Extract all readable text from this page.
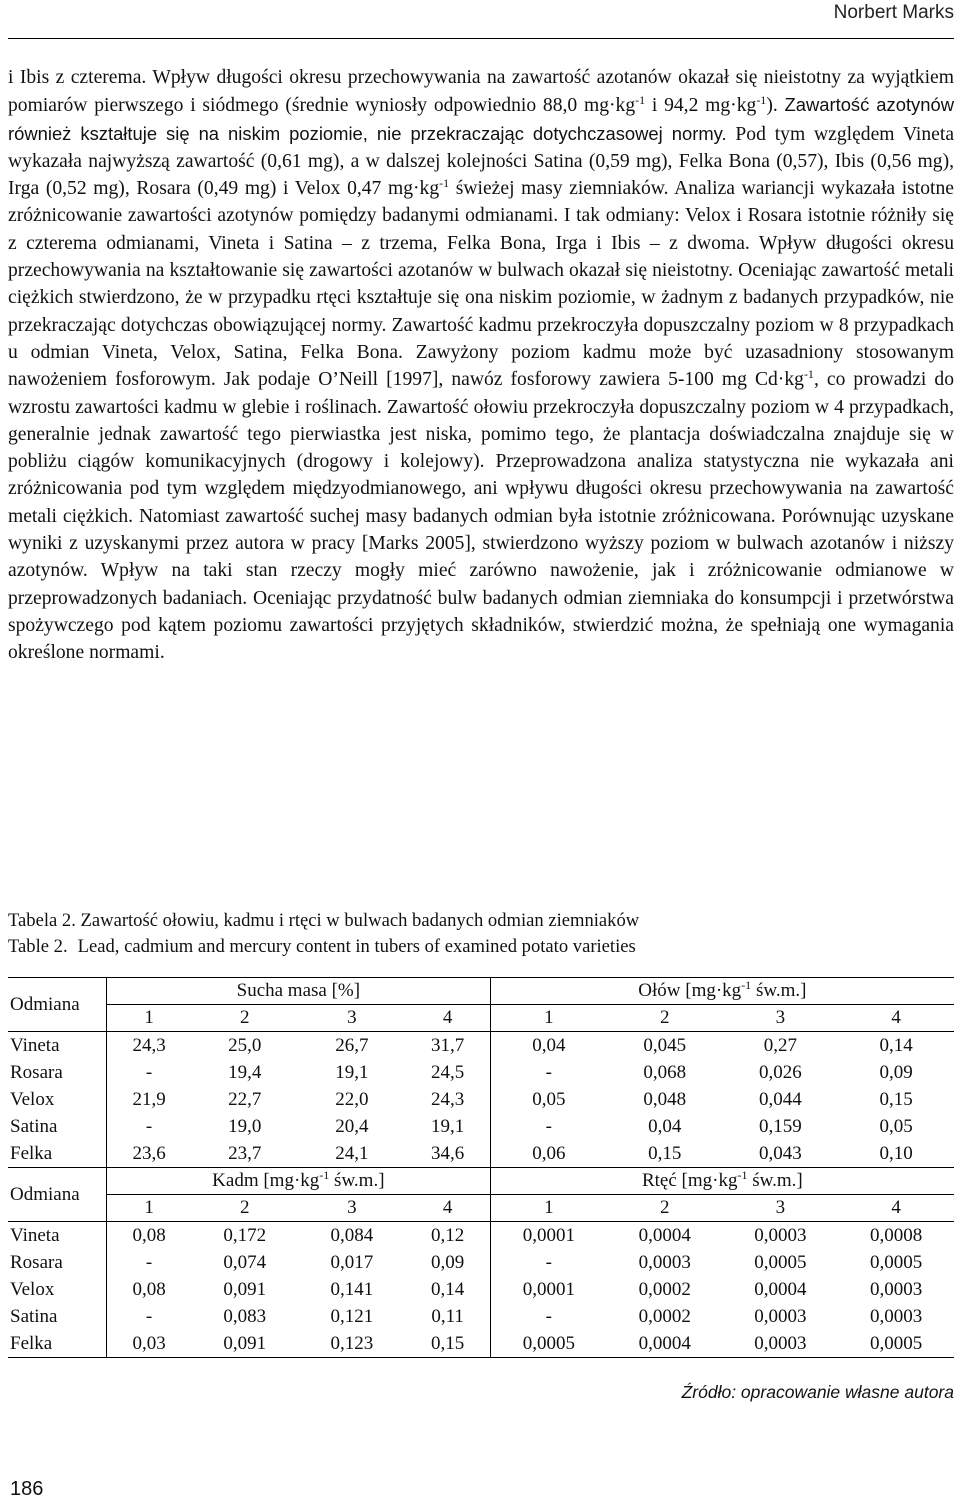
Norbert Marks

i Ibis z czterema. Wpływ długości okresu przechowywania na zawartość azotanów okazał się nieistotny za wyjątkiem pomiarów pierwszego i siódmego (średnie wyniosły odpowiednio 88,0 $mg\cdot kg^{-1}$ i 94,2 $mg\cdot kg^{-1}$). Zawartość azotynów również kształtuje się na niskim poziomie, nie przekraczając dotychczasowej normy. Pod tym względem Vineta wykazała najwyższą zawartość (0,61 mg), a w dalszej kolejności Satina (0,59 mg), Felka Bona (0,57), Ibis (0,56 mg), Irga (0,52 mg), Rosara (0,49 mg) i Velox 0,47 $mg\cdot kg^{-1}$ świeżej masy ziemniaków. Analiza wariancji wykazała istotne zróżnicowanie zawartości azotynów pomiędzy badanymi odmianami. I tak odmiany: Velox i Rosara istotnie różniły się z czterema odmianami, Vineta i Satina – z trzema, Felka Bona, Irga i Ibis – z dwoma. Wpływ długości okresu przechowywania na kształtowanie się zawartości azotanów w bulwach okazał się nieistotny. Oceniając zawartość metali ciężkich stwierdzono, że w przypadku rtęci kształtuje się ona niskim poziomie, w żadnym z badanych przypadków, nie przekraczając dotychczas obowiązującej normy. Zawartość kadmu przekroczyła dopuszczalny poziom w 8 przypadkach u odmian Vineta, Velox, Satina, Felka Bona. Zawyżony poziom kadmu może być uzasadniony stosowanym nawożeniem fosforowym. Jak podaje O’Neill [1997], nawóz fosforowy zawiera 5-100 mg $Cd\cdot kg^{-1}$, co prowadzi do wzrostu zawartości kadmu w glebie i roślinach. Zawartość ołowiu przekroczyła dopuszczalny poziom w 4 przypadkach, generalnie jednak zawartość tego pierwiastka jest niska, pomimo tego, że plantacja doświadczalna znajduje się w pobliżu ciągów komunikacyjnych (drogowy i kolejowy). Przeprowadzona analiza statystyczna nie wykazała ani zróżnicowania pod tym względem międzyodmianowego, ani wpływu długości okresu przechowywania na zawartość metali ciężkich. Natomiast zawartość suchej masy badanych odmian była istotnie zróżnicowana. Porównując uzyskane wyniki z uzyskanymi przez autora w pracy [Marks 2005], stwierdzono wyższy poziom w bulwach azotanów i niższy azotynów. Wpływ na taki stan rzeczy mogły mieć zarówno nawożenie, jak i zróżnicowanie odmianowe w przeprowadzonych badaniach. Oceniając przydatność bulw badanych odmian ziemniaka do konsumpcji i przetwórstwa spożywczego pod kątem poziomu zawartości przyjętych składników, stwierdzić można, że spełniają one wymagania określone normami.

Tabela 2. Zawartość ołowiu, kadmu i rtęci w bulwach badanych odmian ziemniaków
Table 2. Lead, cadmium and mercury content in tubers of examined potato varieties
Odmiana	Sucha masa [%]				Ołów [$mg\cdot kg^{-1}$ św.m.]			
	1	2	3	4	1	2	3	4
Vineta	24,3	25,0	26,7	31,7	0,04	0,045	0,27	0,14
Rosara	-	19,4	19,1	24,5	-	0,068	0,026	0,09
Velox	21,9	22,7	22,0	24,3	0,05	0,048	0,044	0,15
Satina	-	19,0	20,4	19,1	-	0,04	0,159	0,05
Felka	23,6	23,7	24,1	34,6	0,06	0,15	0,043	0,10
Odmiana	Kadm [$mg\cdot kg^{-1}$ św.m.]				Rtęć [$mg\cdot kg^{-1}$ św.m.]			
	1	2	3	4	1	2	3	4
Vineta	0,08	0,172	0,084	0,12	0,0001	0,0004	0,0003	0,0008
Rosara	-	0,074	0,017	0,09	-	0,0003	0,0005	0,0005
Velox	0,08	0,091	0,141	0,14	0,0001	0,0002	0,0004	0,0003
Satina	-	0,083	0,121	0,11	-	0,0002	0,0003	0,0003
Felka	0,03	0,091	0,123	0,15	0,0005	0,0004	0,0003	0,0005
Źródło: opracowanie własne autora
186
